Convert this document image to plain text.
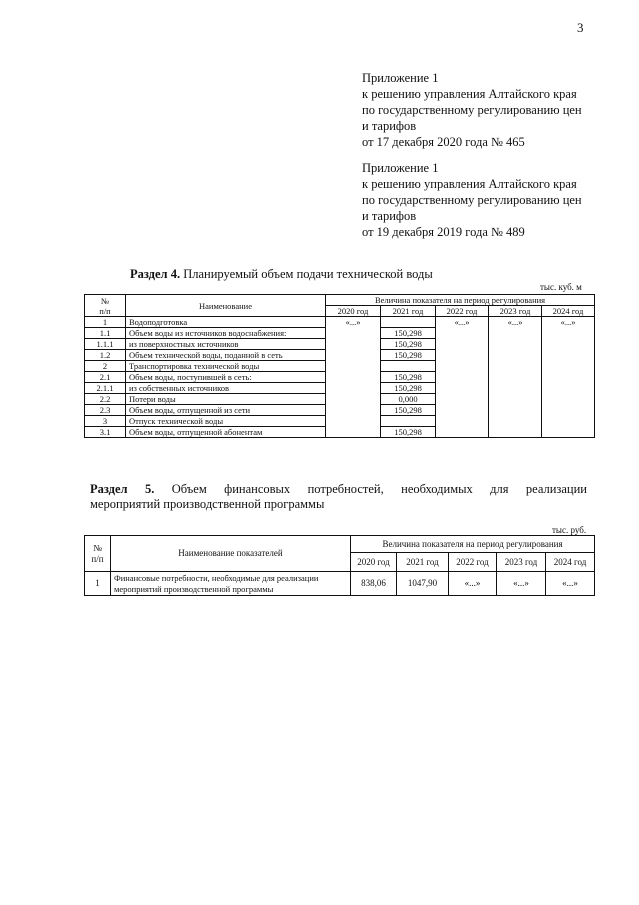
3
Приложение 1
к решению управления Алтайского края
по государственному регулированию цен
и тарифов
от 17 декабря 2020 года № 465
Приложение 1
к решению управления Алтайского края
по государственному регулированию цен
и тарифов
от 19 декабря 2019 года № 489
Раздел 4. Планируемый объем подачи технической воды
тыс. куб. м
№
п/п	Наименование	Величина показателя на период регулирования				
		2020 год	2021 год	2022 год	2023 год	2024 год
1	Водоподготовка	«...»		«...»	«...»	«...»
1.1	Объем воды из источников водоснабжения:		150,298			
1.1.1	из поверхностных источников		150,298			
1.2	Объем технической воды, поданной в сеть		150,298			
2	Транспортировка технической воды					
2.1	Объем воды, поступившей в сеть:		150,298			
2.1.1	из собственных источников		150,298			
2.2	Потери воды		0,000			
2.3	Объем воды, отпущенной из сети		150,298			
3	Отпуск технической воды					
3.1	Объем воды, отпущенной абонентам		150,298			
Раздел 5. Объем финансовых потребностей, необходимых для реализации
мероприятий производственной программы
тыс. руб.
№
п/п	Наименование показателей	Величина показателя на период регулирования				
		2020 год	2021 год	2022 год	2023 год	2024 год
1	Финансовые потребности, необходимые для реализации мероприятий производственной программы	838,06	1047,90	«...»	«...»	«...»
